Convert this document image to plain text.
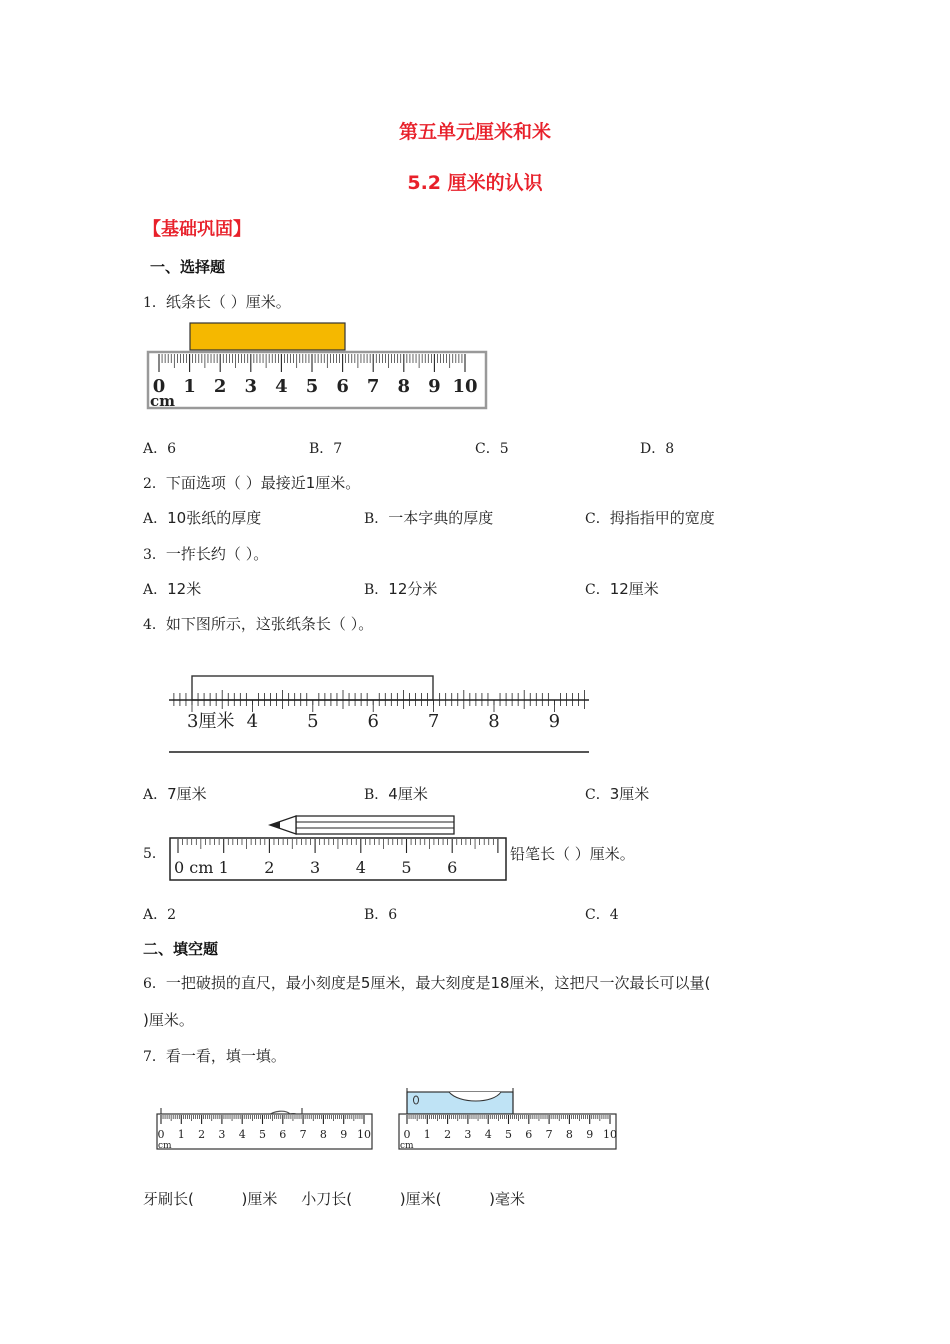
第五单元厘米和米
5.2 厘米的认识
【基础巩固】
一、选择题
1．纸条长（ ）厘米。
0 1 2 3 4 5 6 7 8 9 10
cm
A．6	B．7	C．5	D．8
2．下面选项（ ）最接近1厘米。
A．10张纸的厚度	B．一本字典的厚度	C．拇指指甲的宽度
3．一拃长约（ ）。
A．12米	B．12分米	C．12厘米
4．如下图所示，这张纸条长（ ）。
3厘米 4	5	6	7	8	9
A．7厘米	B．4厘米	C．3厘米
5．
0 cm 1 2 3 4 5 6
铅笔长（ ）厘米。
A．2	B．6	C．4
二、填空题
6．一把破损的直尺，最小刻度是5厘米，最大刻度是18厘米，这把尺一次最长可以量(
)厘米。
7．看一看，填一填。
0 1 2 3 4 5 6 7 8 9 10
cm
0 1 2 3 4 5 6 7 8 9 10
cm
牙刷长(          )厘米     小刀长(          )厘米(          )毫米
